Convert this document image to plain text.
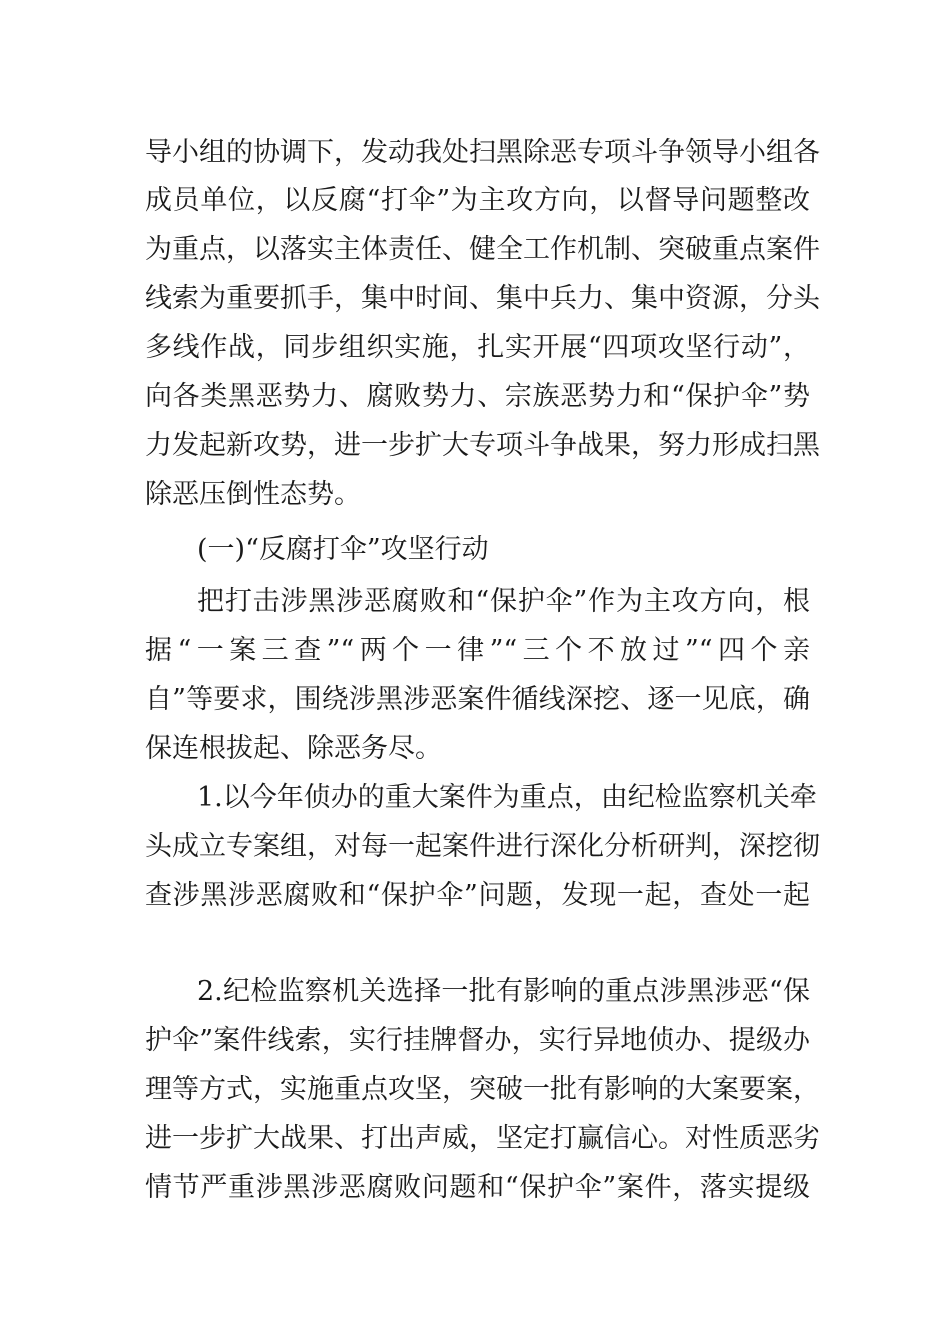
导小组的协调下，发动我处扫黑除恶专项斗争领导小组各
成员单位，以反腐“打伞”为主攻方向，以督导问题整改
为重点，以落实主体责任、健全工作机制、突破重点案件
线索为重要抓手，集中时间、集中兵力、集中资源，分头
多线作战，同步组织实施，扎实开展“四项攻坚行动”，
向各类黑恶势力、腐败势力、宗族恶势力和“保护伞”势
力发起新攻势，进一步扩大专项斗争战果，努力形成扫黑
除恶压倒性态势。
(一)“反腐打伞”攻坚行动
把打击涉黑涉恶腐败和“保护伞”作为主攻方向，根
据“一案三查”“两个一律”“三个不放过”“四个亲
自”等要求，围绕涉黑涉恶案件循线深挖、逐一见底，确
保连根拔起、除恶务尽。
1.以今年侦办的重大案件为重点，由纪检监察机关牵
头成立专案组，对每一起案件进行深化分析研判，深挖彻
查涉黑涉恶腐败和“保护伞”问题，发现一起，查处一起
2.纪检监察机关选择一批有影响的重点涉黑涉恶“保
护伞”案件线索，实行挂牌督办，实行异地侦办、提级办
理等方式，实施重点攻坚，突破一批有影响的大案要案，
进一步扩大战果、打出声威，坚定打赢信心。对性质恶劣
情节严重涉黑涉恶腐败问题和“保护伞”案件，落实提级
